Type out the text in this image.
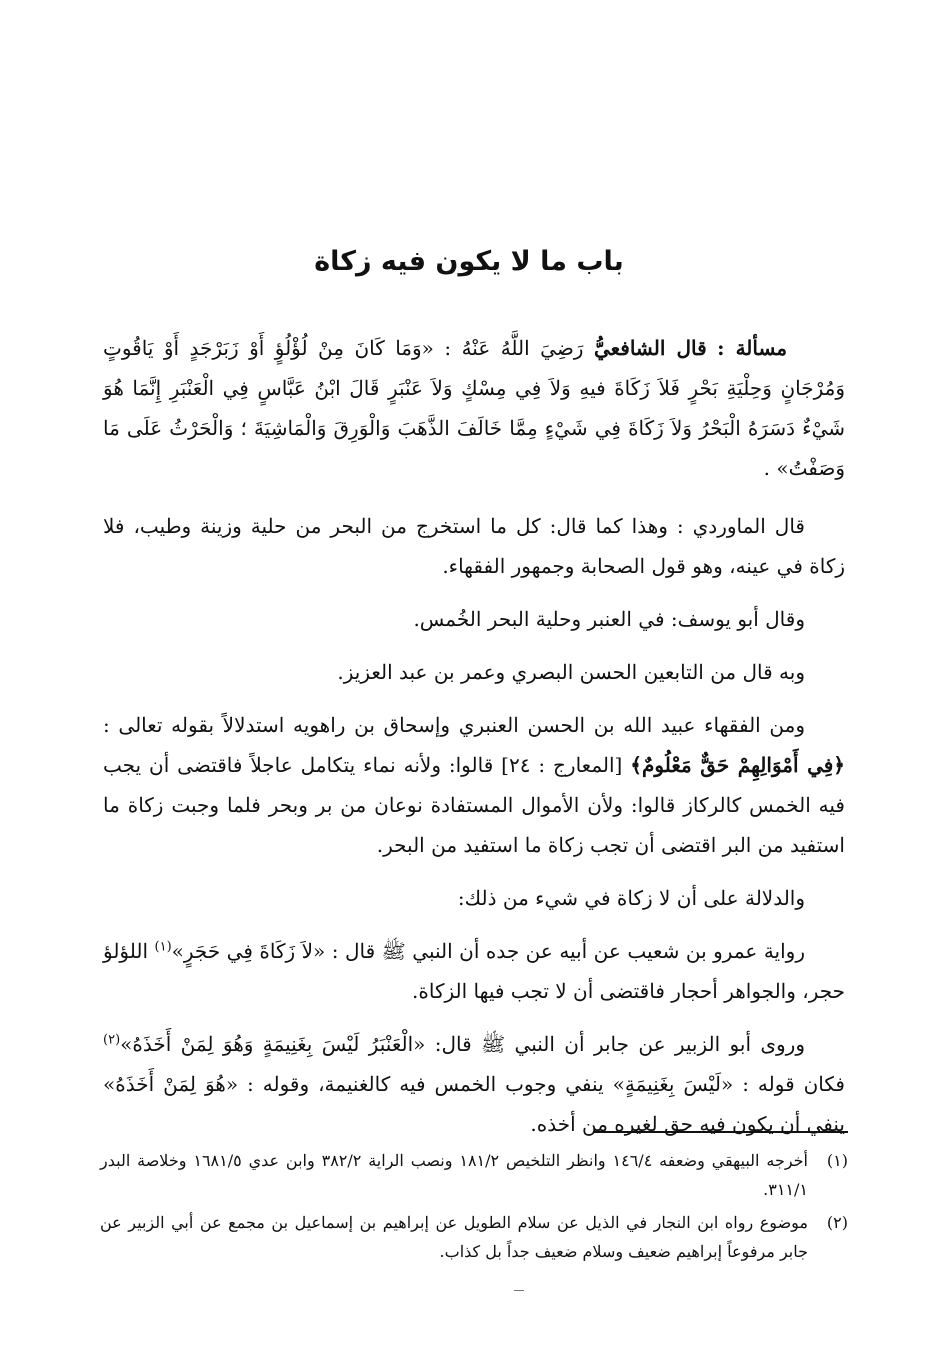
باب ما لا يكون فيه زكاة

مسألة : قال الشافعيُّ رَضِيَ اللَّهُ عَنْهُ : «وَمَا كَانَ مِنْ لُؤْلُؤٍ أَوْ زَبَرْجَدٍ أَوْ يَاقُوتٍ وَمُرْجَانٍ وَحِلْيَةِ بَحْرٍ فَلاَ زَكَاةَ فيهِ وَلاَ فِي مِسْكٍ وَلاَ عَنْبَرٍ قَالَ ابْنُ عَبَّاسٍ فِي الْعَنْبَرِ إِنَّمَا هُوَ شَيْءٌ دَسَرَهُ الْبَحْرُ وَلاَ زَكَاةَ فِي شَيْءٍ مِمَّا خَالَفَ الذَّهَبَ وَالْوَرِقَ وَالْمَاشِيَةَ ؛ وَالْحَرْثُ عَلَى مَا وَصَفْتُ» .

قال الماوردي : وهذا كما قال: كل ما استخرج من البحر من حلية وزينة وطيب، فلا زكاة في عينه، وهو قول الصحابة وجمهور الفقهاء.

وقال أبو يوسف: في العنبر وحلية البحر الخُمس.

وبه قال من التابعين الحسن البصري وعمر بن عبد العزيز.

ومن الفقهاء عبيد الله بن الحسن العنبري وإسحاق بن راهويه استدلالاً بقوله تعالى : ﴿فِي أَمْوَالِهِمْ حَقٌّ مَعْلُومٌ﴾ [المعارج : ٢٤] قالوا: ولأنه نماء يتكامل عاجلاً فاقتضى أن يجب فيه الخمس كالركاز قالوا: ولأن الأموال المستفادة نوعان من بر وبحر فلما وجبت زكاة ما استفيد من البر اقتضى أن تجب زكاة ما استفيد من البحر.

والدلالة على أن لا زكاة في شيء من ذلك:

رواية عمرو بن شعيب عن أبيه عن جده أن النبي ﷺ قال : «لاَ زَكَاةَ فِي حَجَرٍ»$^{(١)}$ اللؤلؤ حجر، والجواهر أحجار فاقتضى أن لا تجب فيها الزكاة.

وروى أبو الزبير عن جابر أن النبي ﷺ قال: «الْعَنْبَرُ لَيْسَ بِغَنِيمَةٍ وَهُوَ لِمَنْ أَخَذَهُ»$^{(٢)}$ فكان قوله : «لَيْسَ بِغَنِيمَةٍ» ينفي وجوب الخمس فيه كالغنيمة، وقوله : «هُوَ لِمَنْ أَخَذَهُ» ينفي أن يكون فيه حق لغيره من أخذه.

(١)
أخرجه البيهقي وضعفه ١٤٦/٤ وانظر التلخيص ١٨١/٢ ونصب الراية ٣٨٢/٢ وابن عدي ١٦٨١/٥ وخلاصة البدر ٣١١/١.
(٢)
موضوع رواه ابن النجار في الذيل عن سلام الطويل عن إبراهيم بن إسماعيل بن مجمع عن أبي الزبير عن جابر مرفوعاً إبراهيم ضعيف وسلام ضعيف جداً بل كذاب.
